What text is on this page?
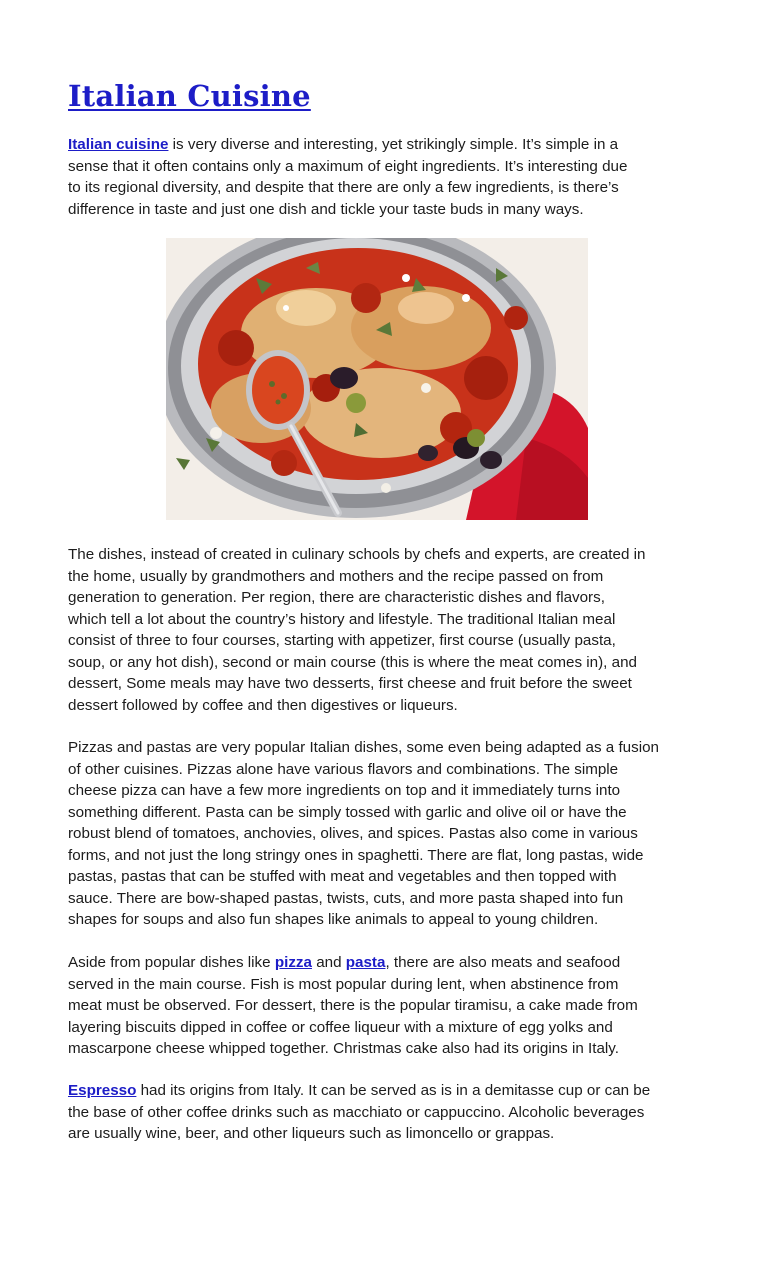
Italian Cuisine

Italian cuisine is very diverse and interesting, yet strikingly simple. It’s simple in a
sense that it often contains only a maximum of eight ingredients. It’s interesting due
to its regional diversity, and despite that there are only a few ingredients, is there’s
difference in taste and just one dish and tickle your taste buds in many ways.

The dishes, instead of created in culinary schools by chefs and experts, are created in
the home, usually by grandmothers and mothers and the recipe passed on from
generation to generation. Per region, there are characteristic dishes and flavors,
which tell a lot about the country’s history and lifestyle. The traditional Italian meal
consist of three to four courses, starting with appetizer, first course (usually pasta,
soup, or any hot dish), second or main course (this is where the meat comes in), and
dessert, Some meals may have two desserts, first cheese and fruit before the sweet
dessert followed by coffee and then digestives or liqueurs.

Pizzas and pastas are very popular Italian dishes, some even being adapted as a fusion
of other cuisines. Pizzas alone have various flavors and combinations. The simple
cheese pizza can have a few more ingredients on top and it immediately turns into
something different. Pasta can be simply tossed with garlic and olive oil or have the
robust blend of tomatoes, anchovies, olives, and spices. Pastas also come in various
forms, and not just the long stringy ones in spaghetti. There are flat, long pastas, wide
pastas, pastas that can be stuffed with meat and vegetables and then topped with
sauce. There are bow-shaped pastas, twists, cuts, and more pasta shaped into fun
shapes for soups and also fun shapes like animals to appeal to young children.

Aside from popular dishes like pizza and pasta, there are also meats and seafood
served in the main course. Fish is most popular during lent, when abstinence from
meat must be observed. For dessert, there is the popular tiramisu, a cake made from
layering biscuits dipped in coffee or coffee liqueur with a mixture of egg yolks and
mascarpone cheese whipped together. Christmas cake also had its origins in Italy.

Espresso had its origins from Italy. It can be served as is in a demitasse cup or can be
the base of other coffee drinks such as macchiato or cappuccino. Alcoholic beverages
are usually wine, beer, and other liqueurs such as limoncello or grappas.
